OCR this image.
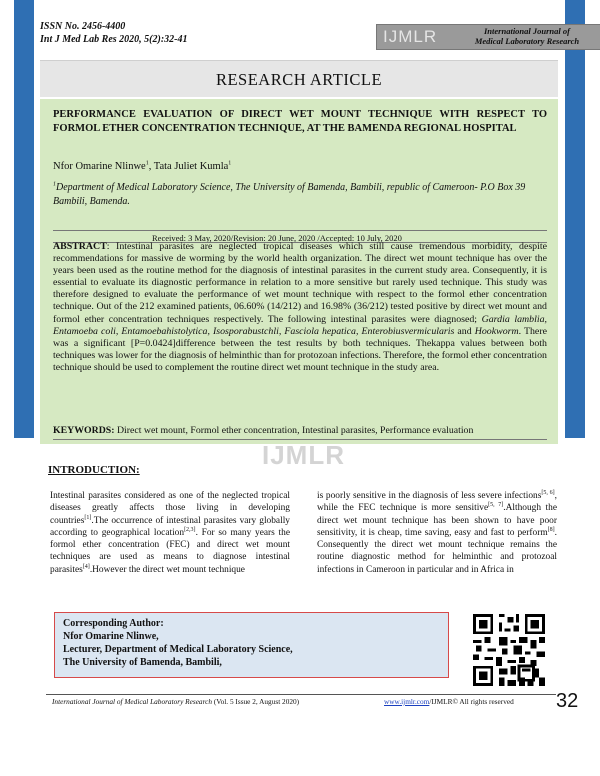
ISSN No. 2456-4400
Int J Med Lab Res 2020, 5(2):32-41	IJMLR	International Journal of
Medical Laboratory Research
RESEARCH ARTICLE
PERFORMANCE EVALUATION OF DIRECT WET MOUNT TECHNIQUE WITH RESPECT TO FORMOL ETHER CONCENTRATION TECHNIQUE, AT THE BAMENDA REGIONAL HOSPITAL
Nfor Omarine Nlinwe$^1$, Tata Juliet Kumla$^1$
$^1$Department of Medical Laboratory Science, The University of Bamenda, Bambili, republic of Cameroon- P.O Box 39 Bambili, Bamenda.
Received: 3 May, 2020/Revision: 20 June, 2020 /Accepted: 10 July, 2020
ABSTRACT: Intestinal parasites are neglected tropical diseases which still cause tremendous morbidity, despite recommendations for massive de worming by the world health organization. The direct wet mount technique has over the years been used as the routine method for the diagnosis of intestinal parasites in the current study area. Consequently, it is essential to evaluate its diagnostic performance in relation to a more sensitive but rarely used technique. This study was therefore designed to evaluate the performance of wet mount technique with respect to the formol ether concentration technique. Out of the 212 examined patients, 06.60% (14/212) and 16.98% (36/212) tested positive by direct wet mount and formol ether concentration techniques respectively. The following intestinal parasites were diagnosed; Gardia lamblia, Entamoeba coli, Entamoebahistolytica, Isosporabustchli, Fasciola hepatica, Enterobiusvermicularis and Hookworm. There was a significant [P=0.0424]difference between the test results by both techniques. Thekappa values between both techniques was lower for the diagnosis of helminthic than for protozoan infections. Therefore, the formol ether concentration technique should be used to complement the routine direct wet mount technique in the study area.
KEYWORDS: Direct wet mount, Formol ether concentration, Intestinal parasites, Performance evaluation
IJMLR
INTRODUCTION:
Intestinal parasites considered as one of the neglected tropical diseases greatly affects those living in developing countries[1].The occurrence of intestinal parasites vary globally according to geographical location[2,3]. For so many years the formol ether concentration (FEC) and direct wet mount techniques are used as means to diagnose intestinal parasites[4].However the direct wet mount technique
is poorly sensitive in the diagnosis of less severe infections[5, 6], while the FEC technique is more sensitive[5, 7].Although the direct wet mount technique has been shown to have poor sensitivity, it is cheap, time saving, easy and fast to perform[8]. Consequently the direct wet mount technique remains the routine diagnostic method for helminthic and protozoal infections in Cameroon in particular and in Africa in
Corresponding Author:
Nfor Omarine Nlinwe,
Lecturer, Department of Medical Laboratory Science,
The University of Bamenda, Bambili,
International Journal of Medical Laboratory Research (Vol. 5 Issue 2, August 2020)	www.ijmlr.com/IJMLR© All rights reserved 32
